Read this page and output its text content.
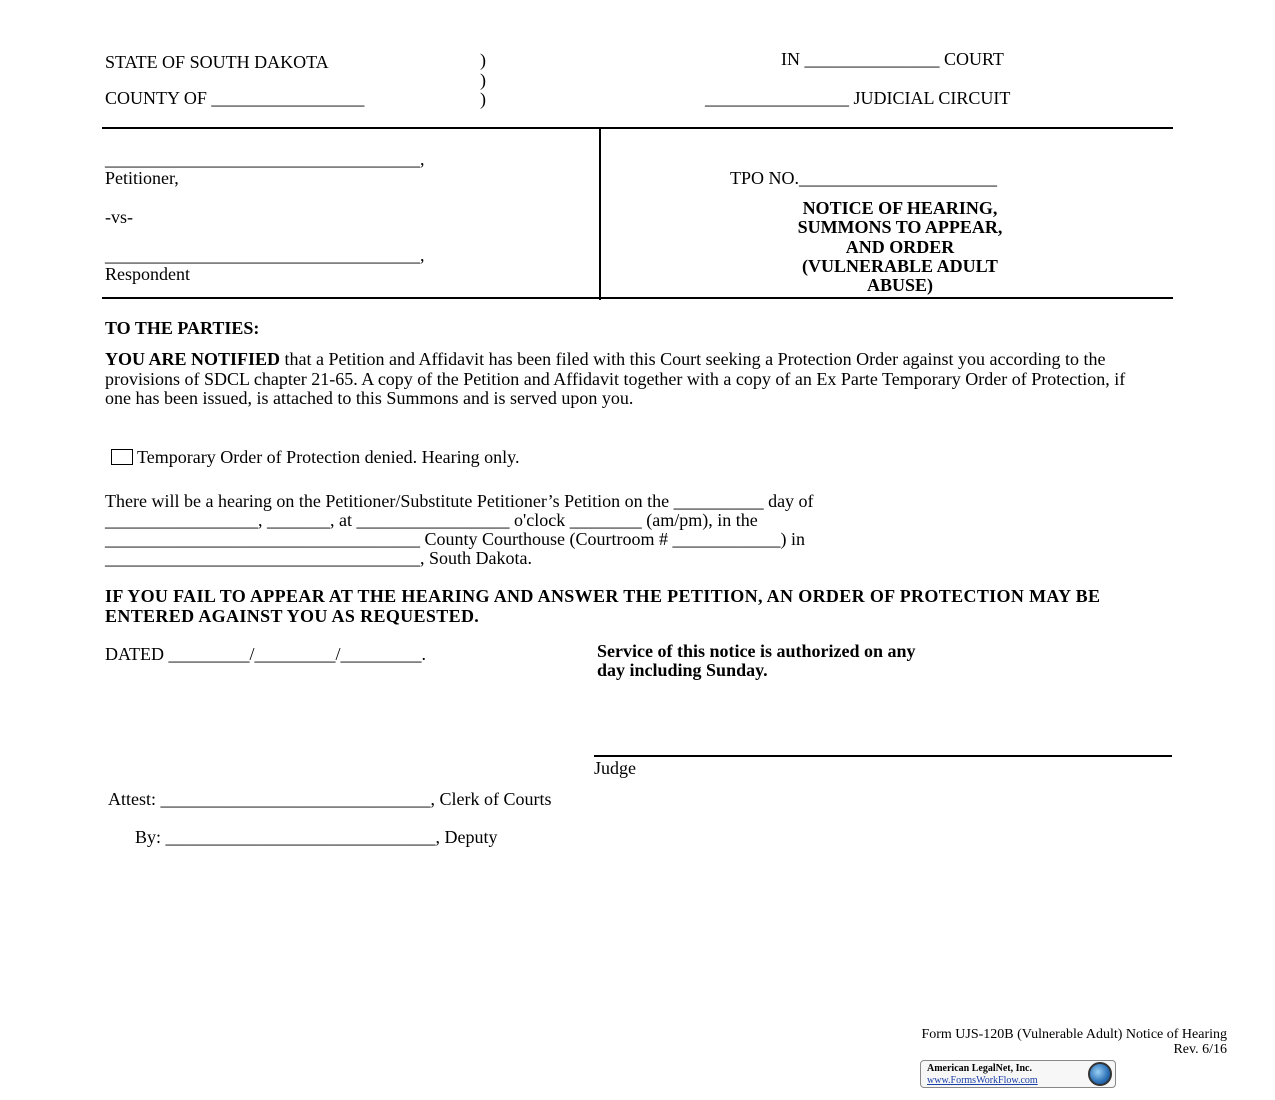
STATE OF SOUTH DAKOTA	)
)
)
COUNTY OF _________________
IN _______________ COURT
________________ JUDICIAL CIRCUIT
___________________________________,
Petitioner,
-vs-
___________________________________,
Respondent
TPO NO.______________________
NOTICE OF HEARING,
SUMMONS TO APPEAR,
AND ORDER
(VULNERABLE ADULT
ABUSE)
TO THE PARTIES:
YOU ARE NOTIFIED that a Petition and Affidavit has been filed with this Court seeking a Protection Order against you according to the provisions of SDCL chapter 21-65. A copy of the Petition and Affidavit together with a copy of an Ex Parte Temporary Order of Protection, if one has been issued, is attached to this Summons and is served upon you.
Temporary Order of Protection denied. Hearing only.
There will be a hearing on the Petitioner/Substitute Petitioner’s Petition on the __________ day of
_________________, _______, at _________________ o'clock ________ (am/pm), in the
___________________________________ County Courthouse (Courtroom # ____________) in
___________________________________, South Dakota.
IF YOU FAIL TO APPEAR AT THE HEARING AND ANSWER THE PETITION, AN ORDER OF PROTECTION MAY BE ENTERED AGAINST YOU AS REQUESTED.
DATED _________/_________/_________.	Service of this notice is authorized on any
day including Sunday.
Judge
Attest: ______________________________, Clerk of Courts
By: ______________________________, Deputy
Form UJS-120B (Vulnerable Adult) Notice of Hearing
Rev. 6/16
American LegalNet, Inc.
www.FormsWorkFlow.com
